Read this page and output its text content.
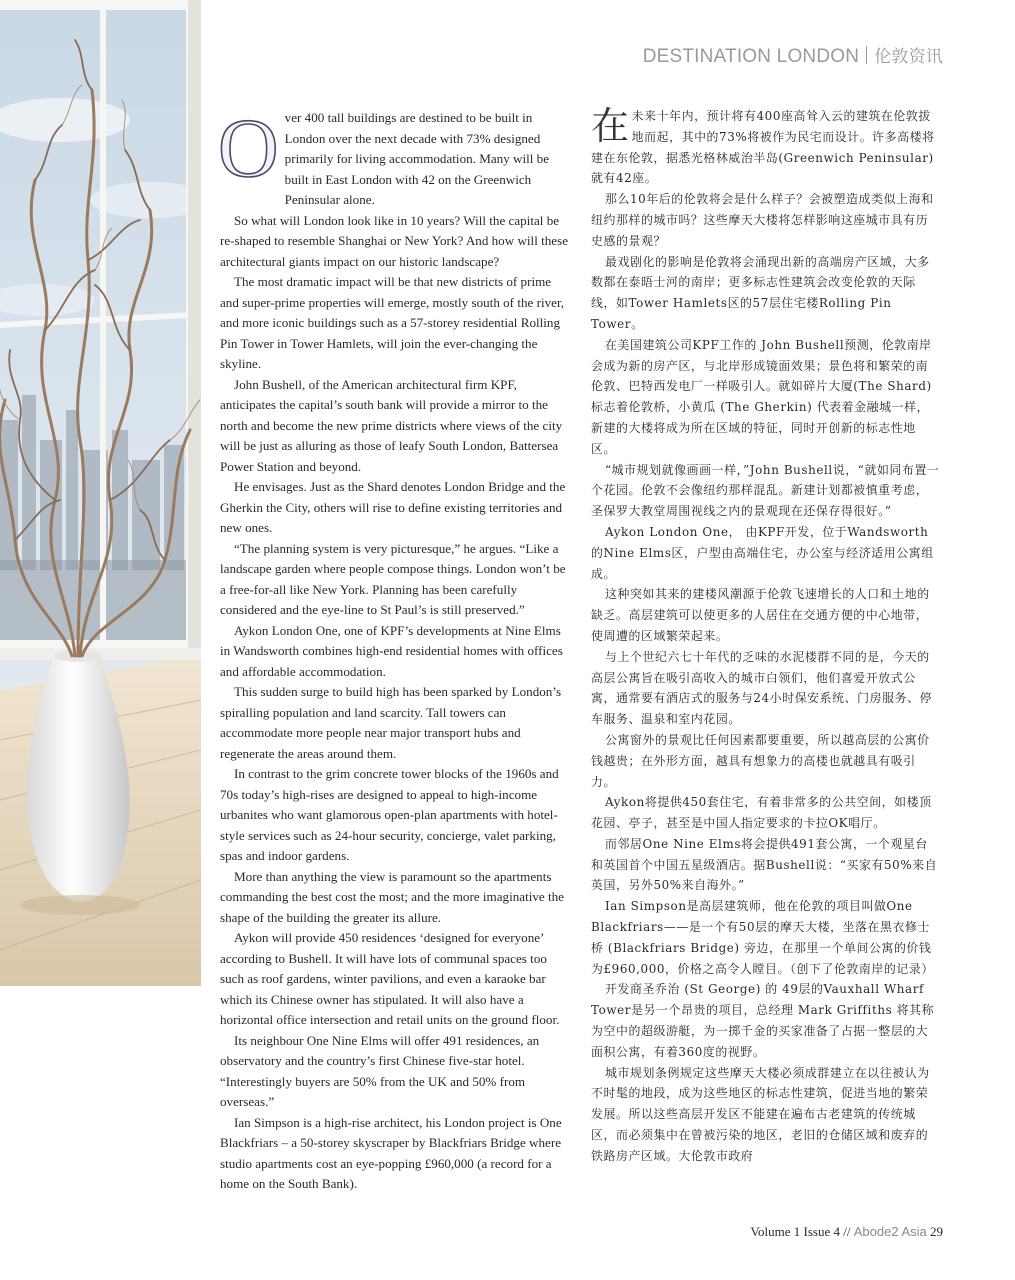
DESTINATION LONDON 伦敦资讯

Over 400 tall buildings are destined to be built in London over the next decade with 73% designed primarily for living accommodation. Many will be built in East London with 42 on the Greenwich Peninsular alone.

So what will London look like in 10 years? Will the capital be re-shaped to resemble Shanghai or New York? And how will these architectural giants impact on our historic landscape?

The most dramatic impact will be that new districts of prime and super-prime properties will emerge, mostly south of the river, and more iconic buildings such as a 57-storey residential Rolling Pin Tower in Tower Hamlets, will join the ever-changing the skyline.

John Bushell, of the American architectural firm KPF, anticipates the capital’s south bank will provide a mirror to the north and become the new prime districts where views of the city will be just as alluring as those of leafy South London, Battersea Power Station and beyond.

He envisages. Just as the Shard denotes London Bridge and the Gherkin the City, others will rise to define existing territories and new ones.

“The planning system is very picturesque,” he argues. “Like a landscape garden where people compose things. London won’t be a free-for-all like New York. Planning has been carefully considered and the eye-line to St Paul’s is still preserved.”

Aykon London One, one of KPF’s developments at Nine Elms in Wandsworth combines high-end residential homes with offices and affordable accommodation.

This sudden surge to build high has been sparked by London’s spiralling population and land scarcity. Tall towers can accommodate more people near major transport hubs and regenerate the areas around them.

In contrast to the grim concrete tower blocks of the 1960s and 70s today’s high-rises are designed to appeal to high-income urbanites who want glamorous open-plan apartments with hotel-style services such as 24-hour security, concierge, valet parking, spas and indoor gardens.

More than anything the view is paramount so the apartments commanding the best cost the most; and the more imaginative the shape of the building the greater its allure.

Aykon will provide 450 residences ‘designed for everyone’ according to Bushell. It will have lots of communal spaces too such as roof gardens, winter pavilions, and even a karaoke bar which its Chinese owner has stipulated. It will also have a horizontal office intersection and retail units on the ground floor.

Its neighbour One Nine Elms will offer 491 residences, an observatory and the country’s first Chinese five-star hotel. “Interestingly buyers are 50% from the UK and 50% from overseas.”

Ian Simpson is a high-rise architect, his London project is One Blackfriars – a 50-storey skyscraper by Blackfriars Bridge where studio apartments cost an eye-popping £960,000 (a record for a home on the South Bank).

在未来十年内，预计将有400座高耸入云的建筑在伦敦拔地而起，其中的73%将被作为民宅而设计。许多高楼将建在东伦敦，据悉光格林威治半岛(Greenwich Peninsular)就有42座。

那么10年后的伦敦将会是什么样子？会被塑造成类似上海和纽约那样的城市吗？这些摩天大楼将怎样影响这座城市具有历史感的景观？

最戏剧化的影响是伦敦将会涌现出新的高端房产区域，大多数都在泰晤士河的南岸；更多标志性建筑会改变伦敦的天际线，如Tower Hamlets区的57层住宅楼Rolling Pin Tower。

在美国建筑公司KPF工作的 John Bushell预测，伦敦南岸会成为新的房产区，与北岸形成镜面效果；景色将和繁荣的南伦敦、巴特西发电厂一样吸引人。就如碎片大厦(The Shard)标志着伦敦桥，小黄瓜 (The Gherkin) 代表着金融城一样，新建的大楼将成为所在区域的特征，同时开创新的标志性地区。

“城市规划就像画画一样，”John Bushell说，“就如同布置一个花园。伦敦不会像纽约那样混乱。新建计划都被慎重考虑，圣保罗大教堂周围视线之内的景观现在还保存得很好。”

Aykon London One， 由KPF开发，位于Wandsworth的Nine Elms区，户型由高端住宅，办公室与经济适用公寓组成。

这种突如其来的建楼风潮源于伦敦飞速增长的人口和土地的缺乏。高层建筑可以使更多的人居住在交通方便的中心地带，使周遭的区域繁荣起来。

与上个世纪六七十年代的乏味的水泥楼群不同的是，今天的高层公寓旨在吸引高收入的城市白领们，他们喜爱开放式公寓，通常要有酒店式的服务与24小时保安系统、门房服务、停车服务、温泉和室内花园。

公寓窗外的景观比任何因素都要重要，所以越高层的公寓价钱越贵；在外形方面，越具有想象力的高楼也就越具有吸引力。

Aykon将提供450套住宅，有着非常多的公共空间，如楼顶花园、亭子，甚至是中国人指定要求的卡拉OK唱厅。

而邻居One Nine Elms将会提供491套公寓，一个观星台和英国首个中国五星级酒店。据Bushell说：“买家有50%来自英国，另外50%来自海外。”

Ian Simpson是高层建筑师，他在伦敦的项目叫做One Blackfriars——是一个有50层的摩天大楼，坐落在黑衣修士桥 (Blackfriars Bridge) 旁边，在那里一个单间公寓的价钱为£960,000，价格之高令人瞠目。（创下了伦敦南岸的记录）

开发商圣乔治 (St George) 的 49层的Vauxhall Wharf Tower是另一个昂贵的项目，总经理 Mark Griffiths 将其称为空中的超级游艇，为一掷千金的买家准备了占据一整层的大面积公寓，有着360度的视野。

城市规划条例规定这些摩天大楼必须成群建立在以往被认为不时髦的地段，成为这些地区的标志性建筑，促进当地的繁荣发展。所以这些高层开发区不能建在遍布古老建筑的传统城区，而必须集中在曾被污染的地区，老旧的仓储区域和废弃的铁路房产区域。大伦敦市政府

Volume 1 Issue 4 // Abode2 Asia 29
